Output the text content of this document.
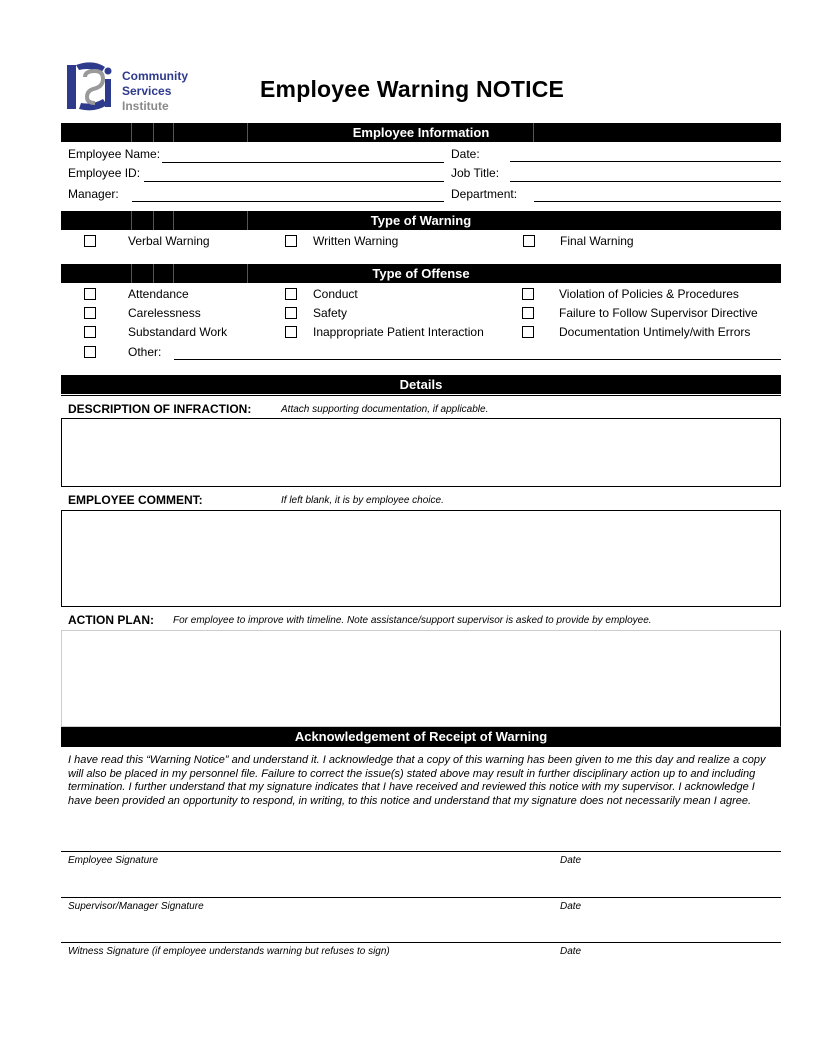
Community
Services
Institute
Employee Warning NOTICE
Employee Information
Employee Name:	Date:
Employee ID:	Job Title:
Manager:	Department:
Type of Warning
Verbal Warning	Written Warning	Final Warning
Type of Offense
Attendance	Conduct	Violation of Policies & Procedures
Carelessness	Safety	Failure to Follow Supervisor Directive
Substandard Work	Inappropriate Patient Interaction	Documentation Untimely/with Errors
Other:
Details
DESCRIPTION OF INFRACTION:	Attach supporting documentation, if applicable.
EMPLOYEE COMMENT:	If left blank, it is by employee choice.
ACTION PLAN: For employee to improve with timeline. Note assistance/support supervisor is asked to provide by employee.
Acknowledgement of Receipt of Warning
I have read this “Warning Notice” and understand it. I acknowledge that a copy of this warning has been given to me this day and realize a copy will also be placed in my personnel file. Failure to correct the issue(s) stated above may result in further disciplinary action up to and including termination. I further understand that my signature indicates that I have received and reviewed this notice with my supervisor. I acknowledge I have been provided an opportunity to respond, in writing, to this notice and understand that my signature does not necessarily mean I agree.
Employee Signature	Date
Supervisor/Manager Signature	Date
Witness Signature (if employee understands warning but refuses to sign)	Date
